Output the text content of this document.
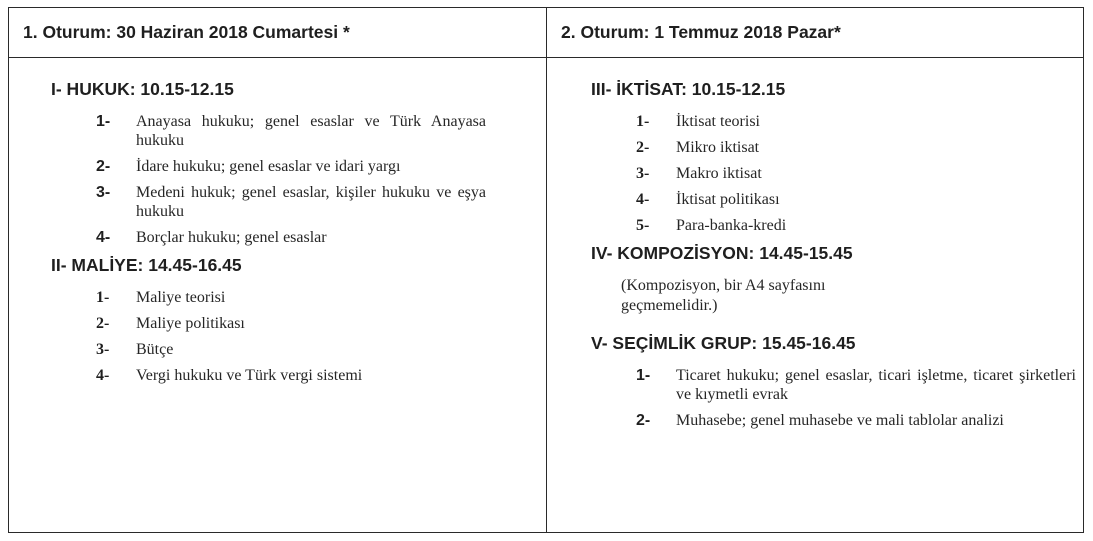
1. Oturum: 30 Haziran 2018 Cumartesi *	2. Oturum: 1 Temmuz 2018 Pazar*
I- HUKUK: 10.15-12.15
1-	Anayasa hukuku; genel esaslar ve Türk Anayasa hukuku
2-	İdare hukuku; genel esaslar ve idari yargı
3-	Medeni hukuk; genel esaslar, kişiler hukuku ve eşya hukuku
4-	Borçlar hukuku; genel esaslar
II- MALİYE: 14.45-16.45
1-	Maliye teorisi
2-	Maliye politikası
3-	Bütçe
4-	Vergi hukuku ve Türk vergi sistemi
III- İKTİSAT: 10.15-12.15
1-	İktisat teorisi
2-	Mikro iktisat
3-	Makro iktisat
4-	İktisat politikası
5-	Para-banka-kredi
IV- KOMPOZİSYON: 14.45-15.45
(Kompozisyon, bir A4 sayfasını geçmemelidir.)
V- SEÇİMLİK GRUP: 15.45-16.45
1-	Ticaret hukuku; genel esaslar, ticari işletme, ticaret şirketleri ve kıymetli evrak
2-	Muhasebe; genel muhasebe ve mali tablolar analizi
